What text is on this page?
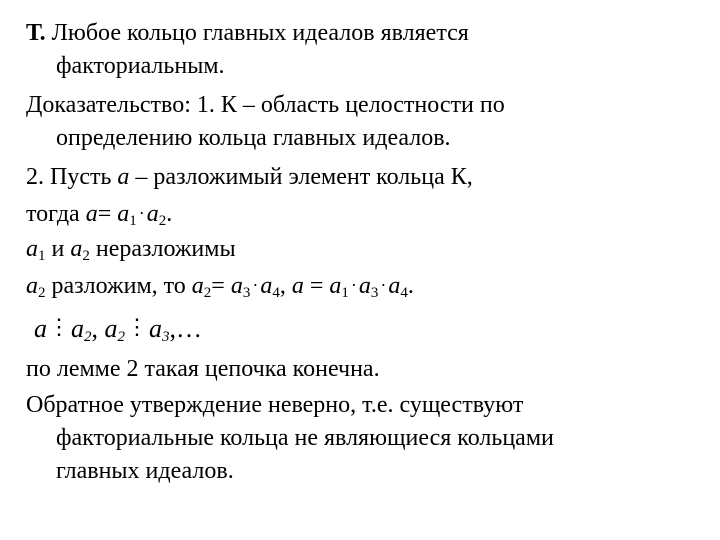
Т. Любое кольцо главных идеалов является
факториальным.
Доказательство: 1. К – область целостности по
определению кольца главных идеалов.
2. Пусть a – разложимый элемент кольца К,
тогда $a= a_1 \cdot a_2$.
$a_1$ и $a_2$ неразложимы
$a_2$ разложим, то $a_2= a_3 \cdot a_4$, $a = a_1 \cdot a_3 \cdot a_4$.
$a⋮a_2$, $a_2⋮a_3,\dots$
по лемме 2 такая цепочка конечна.
Обратное утверждение неверно, т.е. существуют
факториальные кольца не являющиеся кольцами
главных идеалов.
